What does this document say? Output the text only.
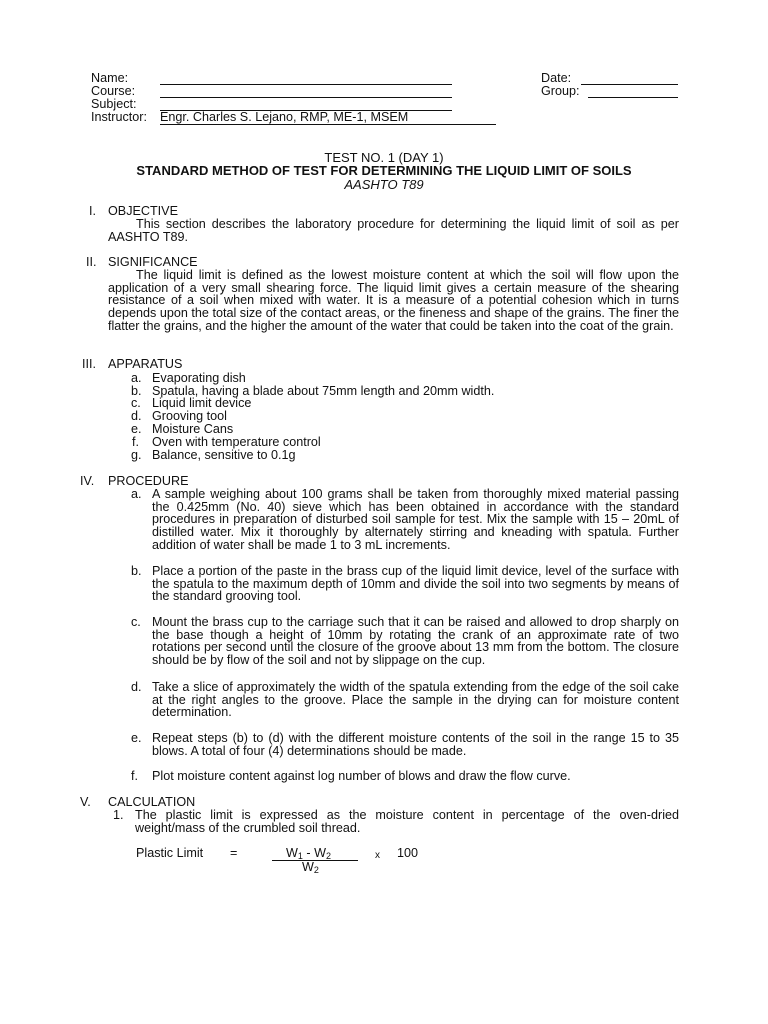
Name:
Course:
Subject:
Instructor: Engr. Charles S. Lejano, RMP, ME-1, MSEM
Date:
Group:
TEST NO. 1 (DAY 1)
STANDARD METHOD OF TEST FOR DETERMINING THE LIQUID LIMIT OF SOILS
AASHTO T89
I. OBJECTIVE
This section describes the laboratory procedure for determining the liquid limit of soil as per AASHTO T89.
II. SIGNIFICANCE
The liquid limit is defined as the lowest moisture content at which the soil will flow upon the application of a very small shearing force. The liquid limit gives a certain measure of the shearing resistance of a soil when mixed with water. It is a measure of a potential cohesion which in turns depends upon the total size of the contact areas, or the fineness and shape of the grains. The finer the flatter the grains, and the higher the amount of the water that could be taken into the coat of the grain.
III. APPARATUS
a. Evaporating dish
b. Spatula, having a blade about 75mm length and 20mm width.
c. Liquid limit device
d. Grooving tool
e. Moisture Cans
f. Oven with temperature control
g. Balance, sensitive to 0.1g
IV. PROCEDURE
a. A sample weighing about 100 grams shall be taken from thoroughly mixed material passing the 0.425mm (No. 40) sieve which has been obtained in accordance with the standard procedures in preparation of disturbed soil sample for test. Mix the sample with 15 – 20mL of distilled water. Mix it thoroughly by alternately stirring and kneading with spatula. Further addition of water shall be made 1 to 3 mL increments.
b. Place a portion of the paste in the brass cup of the liquid limit device, level of the surface with the spatula to the maximum depth of 10mm and divide the soil into two segments by means of the standard grooving tool.
c. Mount the brass cup to the carriage such that it can be raised and allowed to drop sharply on the base though a height of 10mm by rotating the crank of an approximate rate of two rotations per second until the closure of the groove about 13 mm from the bottom. The closure should be by flow of the soil and not by slippage on the cup.
d. Take a slice of approximately the width of the spatula extending from the edge of the soil cake at the right angles to the groove. Place the sample in the drying can for moisture content determination.
e. Repeat steps (b) to (d) with the different moisture contents of the soil in the range 15 to 35 blows. A total of four (4) determinations should be made.
f. Plot moisture content against log number of blows and draw the flow curve.
V. CALCULATION
1. The plastic limit is expressed as the moisture content in percentage of the oven-dried weight/mass of the crumbled soil thread.
Plastic Limit =	$W_1 - W_2$
$W_2$
x 100
